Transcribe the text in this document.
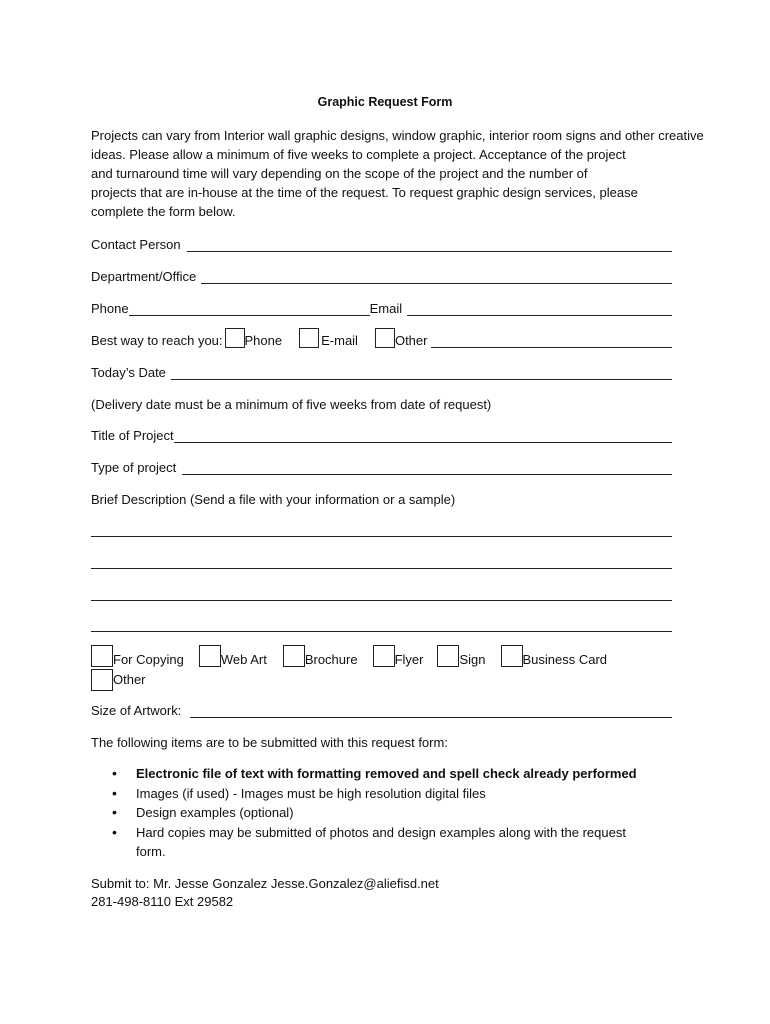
Graphic Request Form
Projects can vary from Interior wall graphic designs, window graphic, interior room signs and other creative
ideas. Please allow a minimum of five weeks to complete a project. Acceptance of the project
and turnaround time will vary depending on the scope of the project and the number of
projects that are in-house at the time of the request. To request graphic design services, please
complete the form below.
Contact Person
Department/Office
Phone	Email
Best way to reach you: Phone	E-mail	Other
Today’s Date
(Delivery date must be a minimum of five weeks from date of request)
Title of Project
Type of project
Brief Description (Send a file with your information or a sample)
For Copying	Web Art	Brochure	Flyer	Sign	Business Card
Other
Size of Artwork:
The following items are to be submitted with this request form:
•	Electronic file of text with formatting removed and spell check already performed
•	Images (if used) - Images must be high resolution digital files
•	Design examples (optional)
•	Hard copies may be submitted of photos and design examples along with the request
form.
Submit to: Mr. Jesse Gonzalez Jesse.Gonzalez@aliefisd.net
281-498-8110 Ext 29582
